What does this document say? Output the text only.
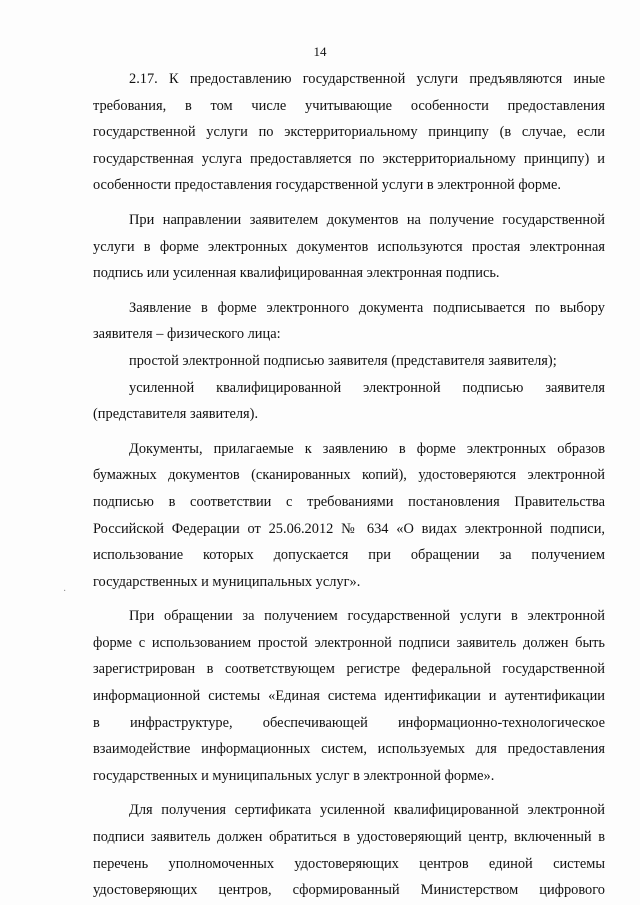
14
·
2.17. К предоставлению государственной услуги предъявляются иные
требования, в том числе учитывающие особенности предоставления
государственной услуги по экстерриториальному принципу (в случае, если
государственная услуга предоставляется по экстерриториальному принципу) и
особенности предоставления государственной услуги в электронной форме.
При направлении заявителем документов на получение государственной
услуги в форме электронных документов используются простая электронная
подпись или усиленная квалифицированная электронная подпись.
Заявление в форме электронного документа подписывается по выбору
заявителя – физического лица:
простой электронной подписью заявителя (представителя заявителя);
усиленной квалифицированной электронной подписью заявителя
(представителя заявителя).
Документы, прилагаемые к заявлению в форме электронных образов
бумажных документов (сканированных копий), удостоверяются электронной
подписью в соответствии с требованиями постановления Правительства
Российской Федерации от 25.06.2012 № 634 «О видах электронной подписи,
использование которых допускается при обращении за получением
государственных и муниципальных услуг».
При обращении за получением государственной услуги в электронной
форме с использованием простой электронной подписи заявитель должен быть
зарегистрирован в соответствующем регистре федеральной государственной
информационной системы «Единая система идентификации и аутентификации
в инфраструктуре, обеспечивающей информационно-технологическое
взаимодействие информационных систем, используемых для предоставления
государственных и муниципальных услуг в электронной форме».
Для получения сертификата усиленной квалифицированной электронной
подписи заявитель должен обратиться в удостоверяющий центр, включенный в
перечень уполномоченных удостоверяющих центров единой системы
удостоверяющих центров, сформированный Министерством цифрового
